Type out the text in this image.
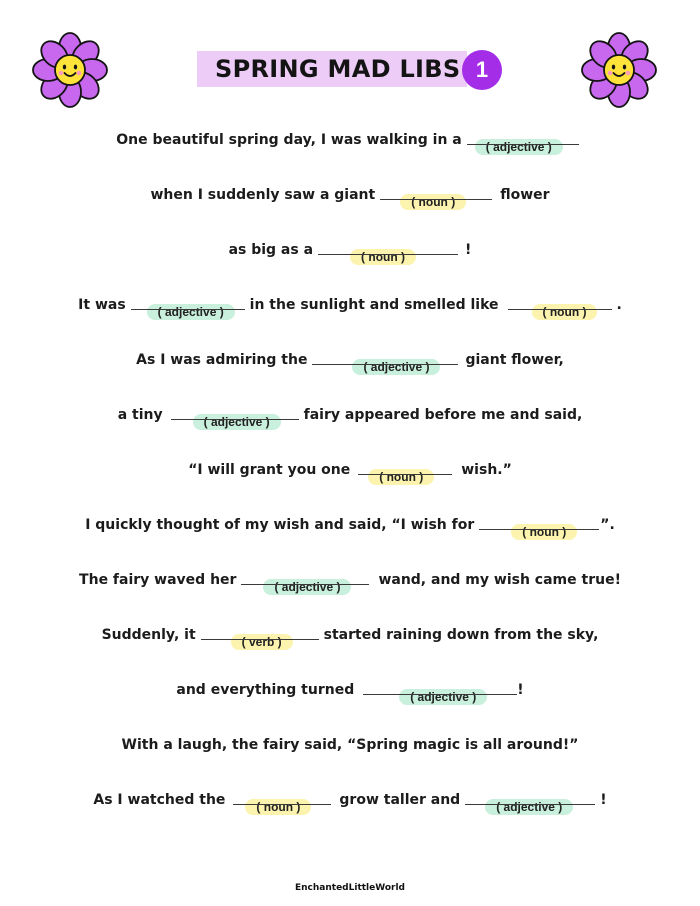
SPRING MAD LIBS 1
One beautiful spring day, I was walking in a	( adjective )
when I suddenly saw a giant	( noun )	flower
as big as a	( noun )	!
It was	( adjective )	in the sunlight and smelled like	( noun )	.
As I was admiring the	( adjective )	giant flower,
a tiny	( adjective )	fairy appeared before me and said,
“I will grant you one	( noun )	wish.”
I quickly thought of my wish and said, “I wish for	( noun )	”.
The fairy waved her	( adjective )	wand, and my wish came true!
Suddenly, it	( verb )	started raining down from the sky,
and everything turned	( adjective )	!
With a laugh, the fairy said, “Spring magic is all around!”
As I watched the	( noun )	grow taller and	( adjective )	!
EnchantedLittleWorld
